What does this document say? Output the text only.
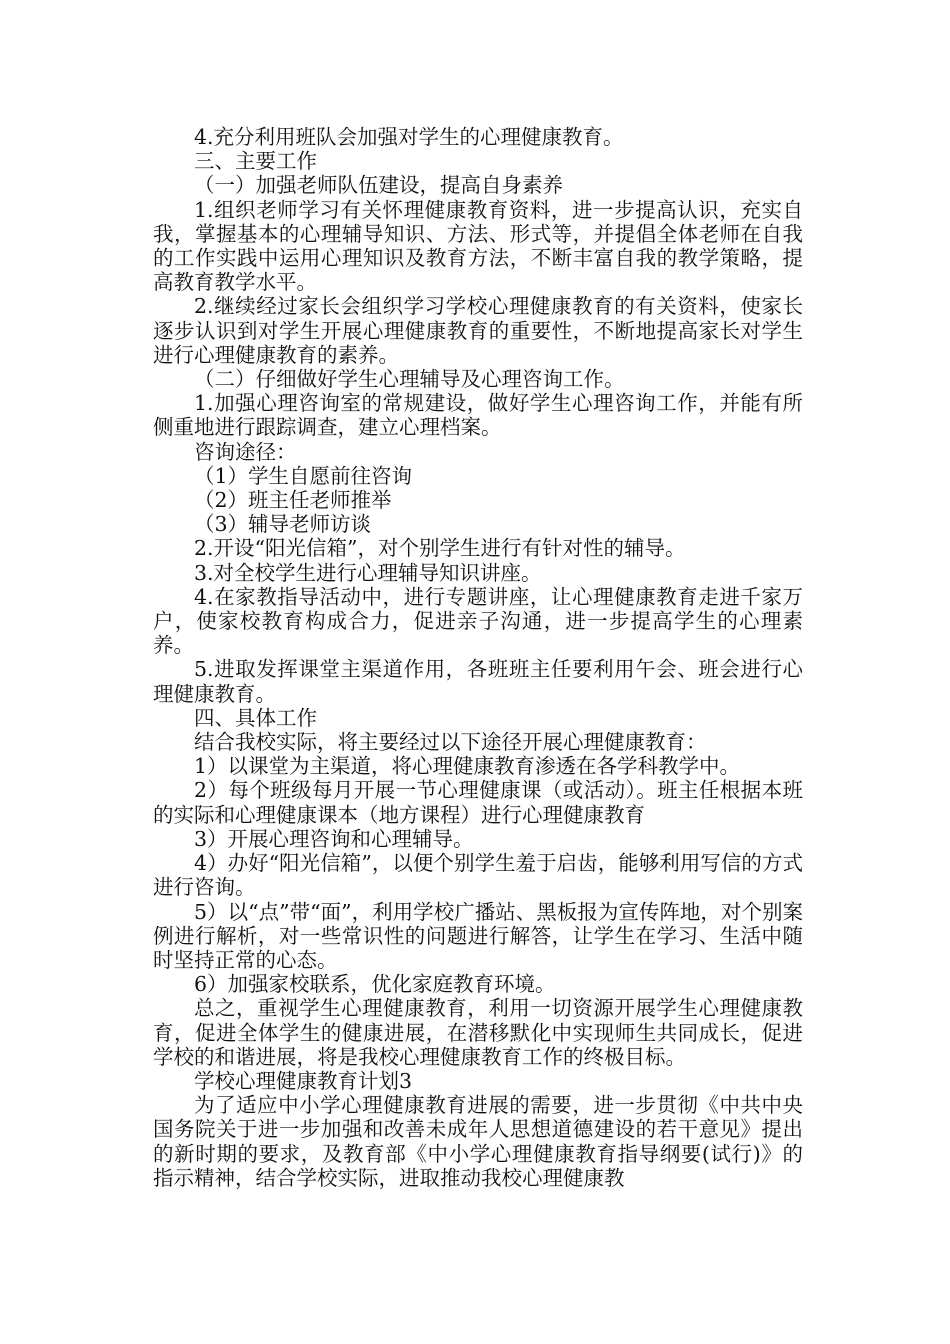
4.充分利用班队会加强对学生的心理健康教育。

三、主要工作

（一）加强老师队伍建设，提高自身素养

1.组织老师学习有关怀理健康教育资料，进一步提高认识，充实自我，掌握基本的心理辅导知识、方法、形式等，并提倡全体老师在自我的工作实践中运用心理知识及教育方法，不断丰富自我的教学策略，提高教育教学水平。

2.继续经过家长会组织学习学校心理健康教育的有关资料，使家长逐步认识到对学生开展心理健康教育的重要性，不断地提高家长对学生进行心理健康教育的素养。

（二）仔细做好学生心理辅导及心理咨询工作。

1.加强心理咨询室的常规建设，做好学生心理咨询工作，并能有所侧重地进行跟踪调查，建立心理档案。

咨询途径：

（1）学生自愿前往咨询

（2）班主任老师推举

（3）辅导老师访谈

2.开设“阳光信箱”，对个别学生进行有针对性的辅导。

3.对全校学生进行心理辅导知识讲座。

4.在家教指导活动中，进行专题讲座，让心理健康教育走进千家万户，使家校教育构成合力，促进亲子沟通，进一步提高学生的心理素养。

5.进取发挥课堂主渠道作用，各班班主任要利用午会、班会进行心理健康教育。

四、具体工作

结合我校实际，将主要经过以下途径开展心理健康教育：

1）以课堂为主渠道，将心理健康教育渗透在各学科教学中。

2）每个班级每月开展一节心理健康课（或活动）。班主任根据本班的实际和心理健康课本（地方课程）进行心理健康教育

3）开展心理咨询和心理辅导。

4）办好“阳光信箱”，以便个别学生羞于启齿，能够利用写信的方式进行咨询。

5）以“点”带“面”，利用学校广播站、黑板报为宣传阵地，对个别案例进行解析，对一些常识性的问题进行解答，让学生在学习、生活中随时坚持正常的心态。

6）加强家校联系，优化家庭教育环境。

总之，重视学生心理健康教育，利用一切资源开展学生心理健康教育，促进全体学生的健康进展，在潜移默化中实现师生共同成长，促进学校的和谐进展，将是我校心理健康教育工作的终极目标。

学校心理健康教育计划3

为了适应中小学心理健康教育进展的需要，进一步贯彻《中共中央国务院关于进一步加强和改善未成年人思想道德建设的若干意见》提出的新时期的要求，及教育部《中小学心理健康教育指导纲要(试行)》的指示精神，结合学校实际，进取推动我校心理健康教
